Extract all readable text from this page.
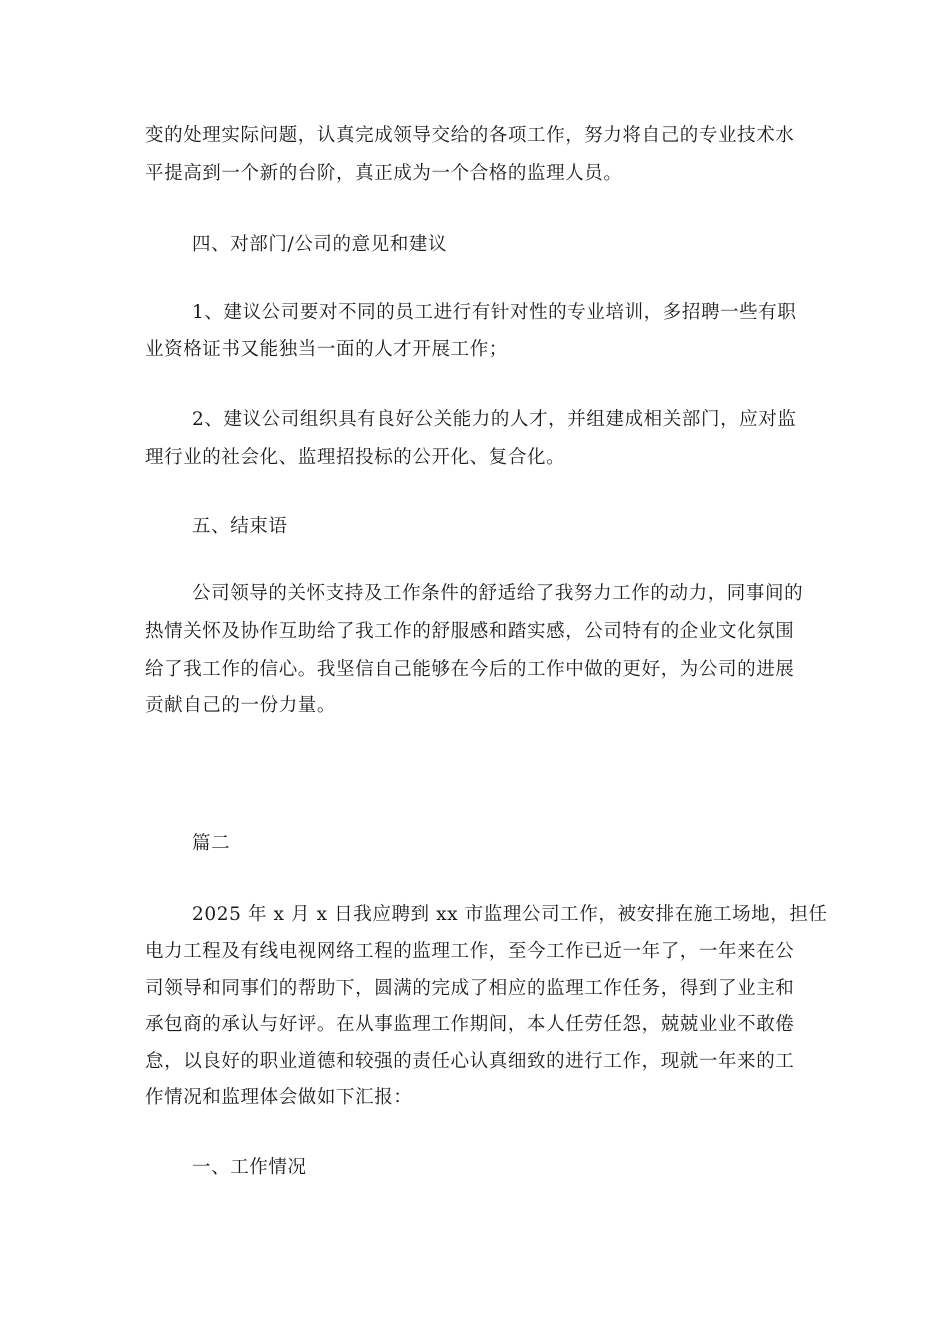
变的处理实际问题，认真完成领导交给的各项工作，努力将自己的专业技术水

平提高到一个新的台阶，真正成为一个合格的监理人员。

四、对部门/公司的意见和建议

1、建议公司要对不同的员工进行有针对性的专业培训，多招聘一些有职

业资格证书又能独当一面的人才开展工作；

2、建议公司组织具有良好公关能力的人才，并组建成相关部门，应对监

理行业的社会化、监理招投标的公开化、复合化。

五、结束语

公司领导的关怀支持及工作条件的舒适给了我努力工作的动力，同事间的

热情关怀及协作互助给了我工作的舒服感和踏实感，公司特有的企业文化氛围

给了我工作的信心。我坚信自己能够在今后的工作中做的更好，为公司的进展

贡献自己的一份力量。

篇二

2025 年 x 月 x 日我应聘到 xx 市监理公司工作，被安排在施工场地，担任

电力工程及有线电视网络工程的监理工作，至今工作已近一年了，一年来在公

司领导和同事们的帮助下，圆满的完成了相应的监理工作任务，得到了业主和

承包商的承认与好评。在从事监理工作期间，本人任劳任怨，兢兢业业不敢倦

怠，以良好的职业道德和较强的责任心认真细致的进行工作，现就一年来的工

作情况和监理体会做如下汇报：

一、工作情况
